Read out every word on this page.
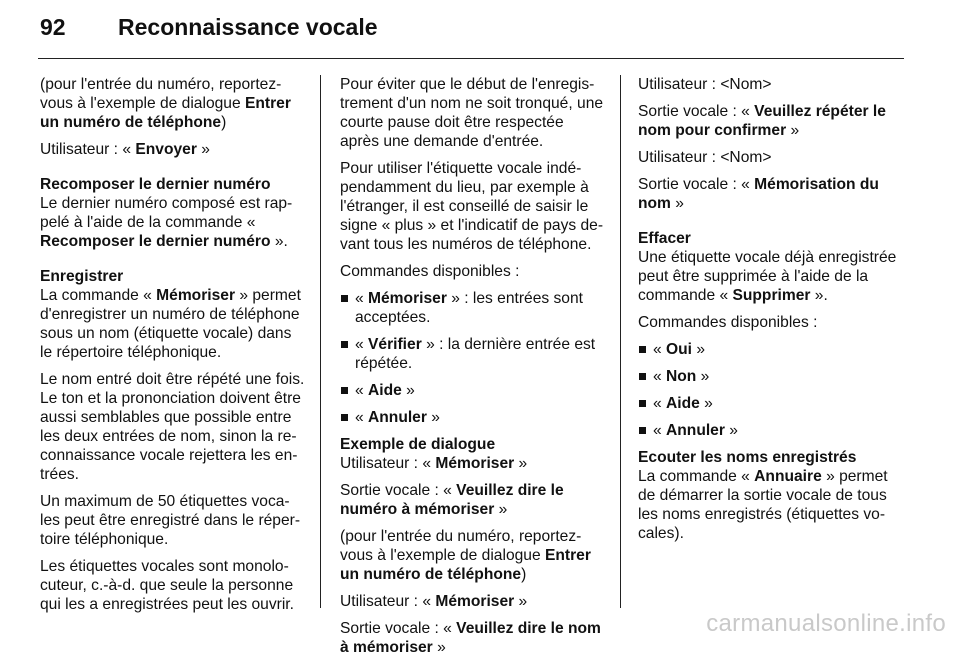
92	Reconnaissance vocale

(pour l'entrée du numéro, reportez-vous à l'exemple de dialogue Entrer un numéro de téléphone)

Utilisateur : « Envoyer »

Recomposer le dernier numéro
Le dernier numéro composé est rap-pelé à l'aide de la commande « Recomposer le dernier numéro ».

Enregistrer
La commande « Mémoriser » permet d'enregistrer un numéro de téléphone sous un nom (étiquette vocale) dans le répertoire téléphonique.

Le nom entré doit être répété une fois. Le ton et la prononciation doivent être aussi semblables que possible entre les deux entrées de nom, sinon la re-connaissance vocale rejettera les en-trées.

Un maximum de 50 étiquettes voca-les peut être enregistré dans le réper-toire téléphonique.

Les étiquettes vocales sont monolo-cuteur, c.-à-d. que seule la personne qui les a enregistrées peut les ouvrir.

Pour éviter que le début de l'enregis-trement d'un nom ne soit tronqué, une courte pause doit être respectée après une demande d'entrée.

Pour utiliser l'étiquette vocale indé-pendamment du lieu, par exemple à l'étranger, il est conseillé de saisir le signe « plus » et l'indicatif de pays de-vant tous les numéros de téléphone.

Commandes disponibles :

« Mémoriser » : les entrées sont acceptées.
« Vérifier » : la dernière entrée est répétée.
« Aide »
« Annuler »

Exemple de dialogue
Utilisateur : « Mémoriser »

Sortie vocale : « Veuillez dire le numéro à mémoriser »

(pour l'entrée du numéro, reportez-vous à l'exemple de dialogue Entrer un numéro de téléphone)

Utilisateur : « Mémoriser »

Sortie vocale : « Veuillez dire le nom à mémoriser »

Utilisateur : <Nom>

Sortie vocale : « Veuillez répéter le nom pour confirmer »

Utilisateur : <Nom>

Sortie vocale : « Mémorisation du nom »

Effacer
Une étiquette vocale déjà enregistrée peut être supprimée à l'aide de la commande « Supprimer ».

Commandes disponibles :

« Oui »
« Non »
« Aide »
« Annuler »

Ecouter les noms enregistrés
La commande « Annuaire » permet de démarrer la sortie vocale de tous les noms enregistrés (étiquettes vo-cales).

carmanualsonline.info
